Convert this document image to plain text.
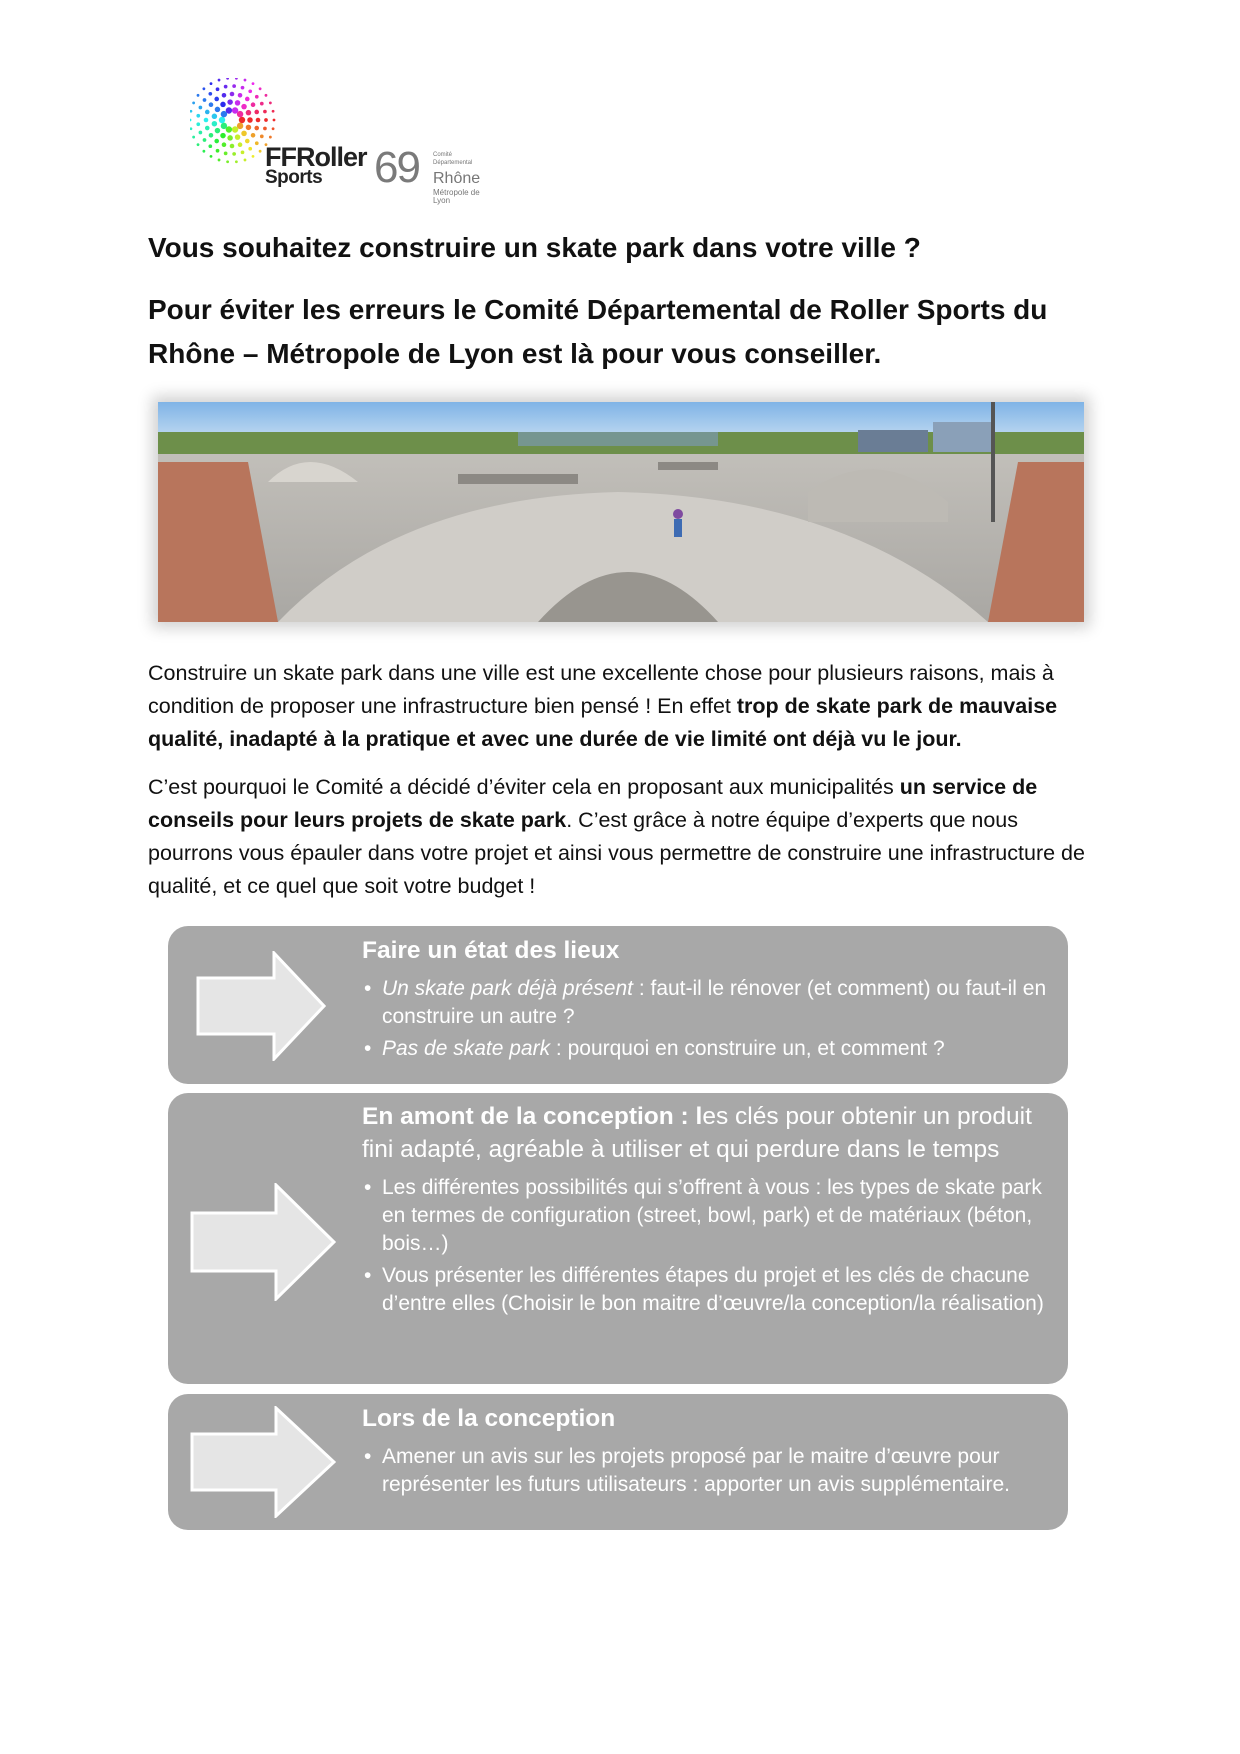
FFRoller
Sports 69 Comité
Départemental
Rhône
Métropole de Lyon
Vous souhaitez construire un skate park dans votre ville ?
Pour éviter les erreurs le Comité Départemental de Roller Sports du Rhône – Métropole de Lyon est là pour vous conseiller.

Construire un skate park dans une ville est une excellente chose pour plusieurs raisons, mais à condition de proposer une infrastructure bien pensé ! En effet trop de skate park de mauvaise qualité, inadapté à la pratique et avec une durée de vie limité ont déjà vu le jour.

C’est pourquoi le Comité a décidé d’éviter cela en proposant aux municipalités un service de conseils pour leurs projets de skate park. C’est grâce à notre équipe d’experts que nous pourrons vous épauler dans votre projet et ainsi vous permettre de construire une infrastructure de qualité, et ce quel que soit votre budget !

Faire un état des lieux

• Un skate park déjà présent : faut-il le rénover (et comment) ou faut-il en construire un autre ?
• Pas de skate park : pourquoi en construire un, et comment ?

En amont de la conception : les clés pour obtenir un produit fini adapté, agréable à utiliser et qui perdure dans le temps

• Les différentes possibilités qui s’offrent à vous : les types de skate park en termes de configuration (street, bowl, park) et de matériaux (béton, bois…)
• Vous présenter les différentes étapes du projet et les clés de chacune d’entre elles (Choisir le bon maitre d’œuvre/la conception/la réalisation)

Lors de la conception

• Amener un avis sur les projets proposé par le maitre d’œuvre pour représenter les futurs utilisateurs : apporter un avis supplémentaire.
